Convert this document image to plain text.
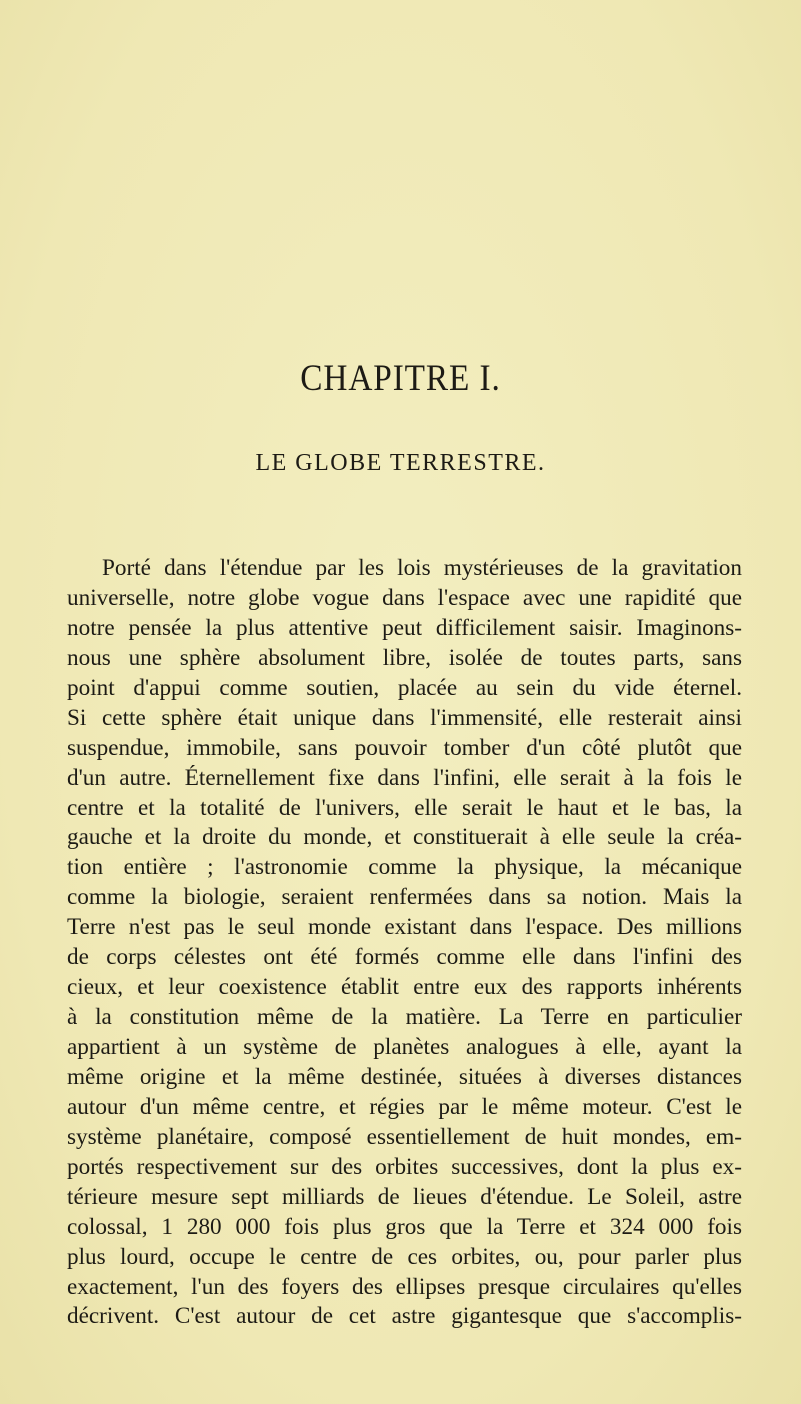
CHAPITRE I.
LE GLOBE TERRESTRE.
Porté dans l'étendue par les lois mystérieuses de la gravitation
universelle, notre globe vogue dans l'espace avec une rapidité que
notre pensée la plus attentive peut difficilement saisir. Imaginons-
nous une sphère absolument libre, isolée de toutes parts, sans
point d'appui comme soutien, placée au sein du vide éternel.
Si cette sphère était unique dans l'immensité, elle resterait ainsi
suspendue, immobile, sans pouvoir tomber d'un côté plutôt que
d'un autre. Éternellement fixe dans l'infini, elle serait à la fois le
centre et la totalité de l'univers, elle serait le haut et le bas, la
gauche et la droite du monde, et constituerait à elle seule la créa-
tion entière ; l'astronomie comme la physique, la mécanique
comme la biologie, seraient renfermées dans sa notion. Mais la
Terre n'est pas le seul monde existant dans l'espace. Des millions
de corps célestes ont été formés comme elle dans l'infini des
cieux, et leur coexistence établit entre eux des rapports inhérents
à la constitution même de la matière. La Terre en particulier
appartient à un système de planètes analogues à elle, ayant la
même origine et la même destinée, situées à diverses distances
autour d'un même centre, et régies par le même moteur. C'est le
système planétaire, composé essentiellement de huit mondes, em-
portés respectivement sur des orbites successives, dont la plus ex-
térieure mesure sept milliards de lieues d'étendue. Le Soleil, astre
colossal, 1 280 000 fois plus gros que la Terre et 324 000 fois
plus lourd, occupe le centre de ces orbites, ou, pour parler plus
exactement, l'un des foyers des ellipses presque circulaires qu'elles
décrivent. C'est autour de cet astre gigantesque que s'accomplis-
